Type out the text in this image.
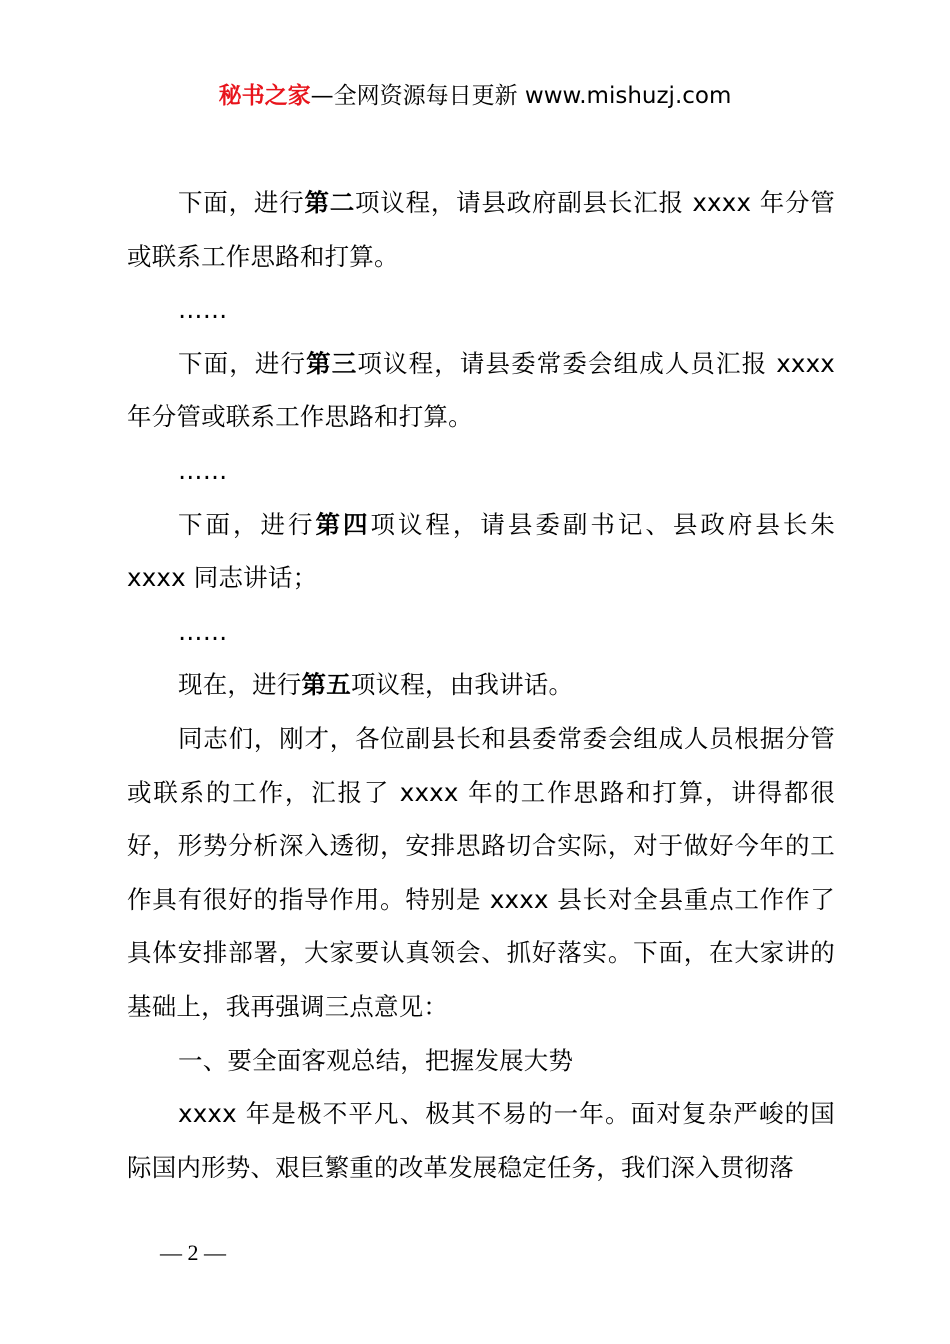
秘书之家—全网资源每日更新 www.mishuzj.com

下面，进行第二项议程，请县政府副县长汇报 xxxx 年分管或联系工作思路和打算。

……

下面，进行第三项议程，请县委常委会组成人员汇报 xxxx 年分管或联系工作思路和打算。

……

下面，进行第四项议程，请县委副书记、县政府县长朱 xxxx 同志讲话；

……

现在，进行第五项议程，由我讲话。

同志们，刚才，各位副县长和县委常委会组成人员根据分管或联系的工作，汇报了 xxxx 年的工作思路和打算，讲得都很好，形势分析深入透彻，安排思路切合实际，对于做好今年的工作具有很好的指导作用。特别是 xxxx 县长对全县重点工作作了具体安排部署，大家要认真领会、抓好落实。下面，在大家讲的基础上，我再强调三点意见：

一、要全面客观总结，把握发展大势

xxxx 年是极不平凡、极其不易的一年。面对复杂严峻的国际国内形势、艰巨繁重的改革发展稳定任务，我们深入贯彻落

— 2 —
